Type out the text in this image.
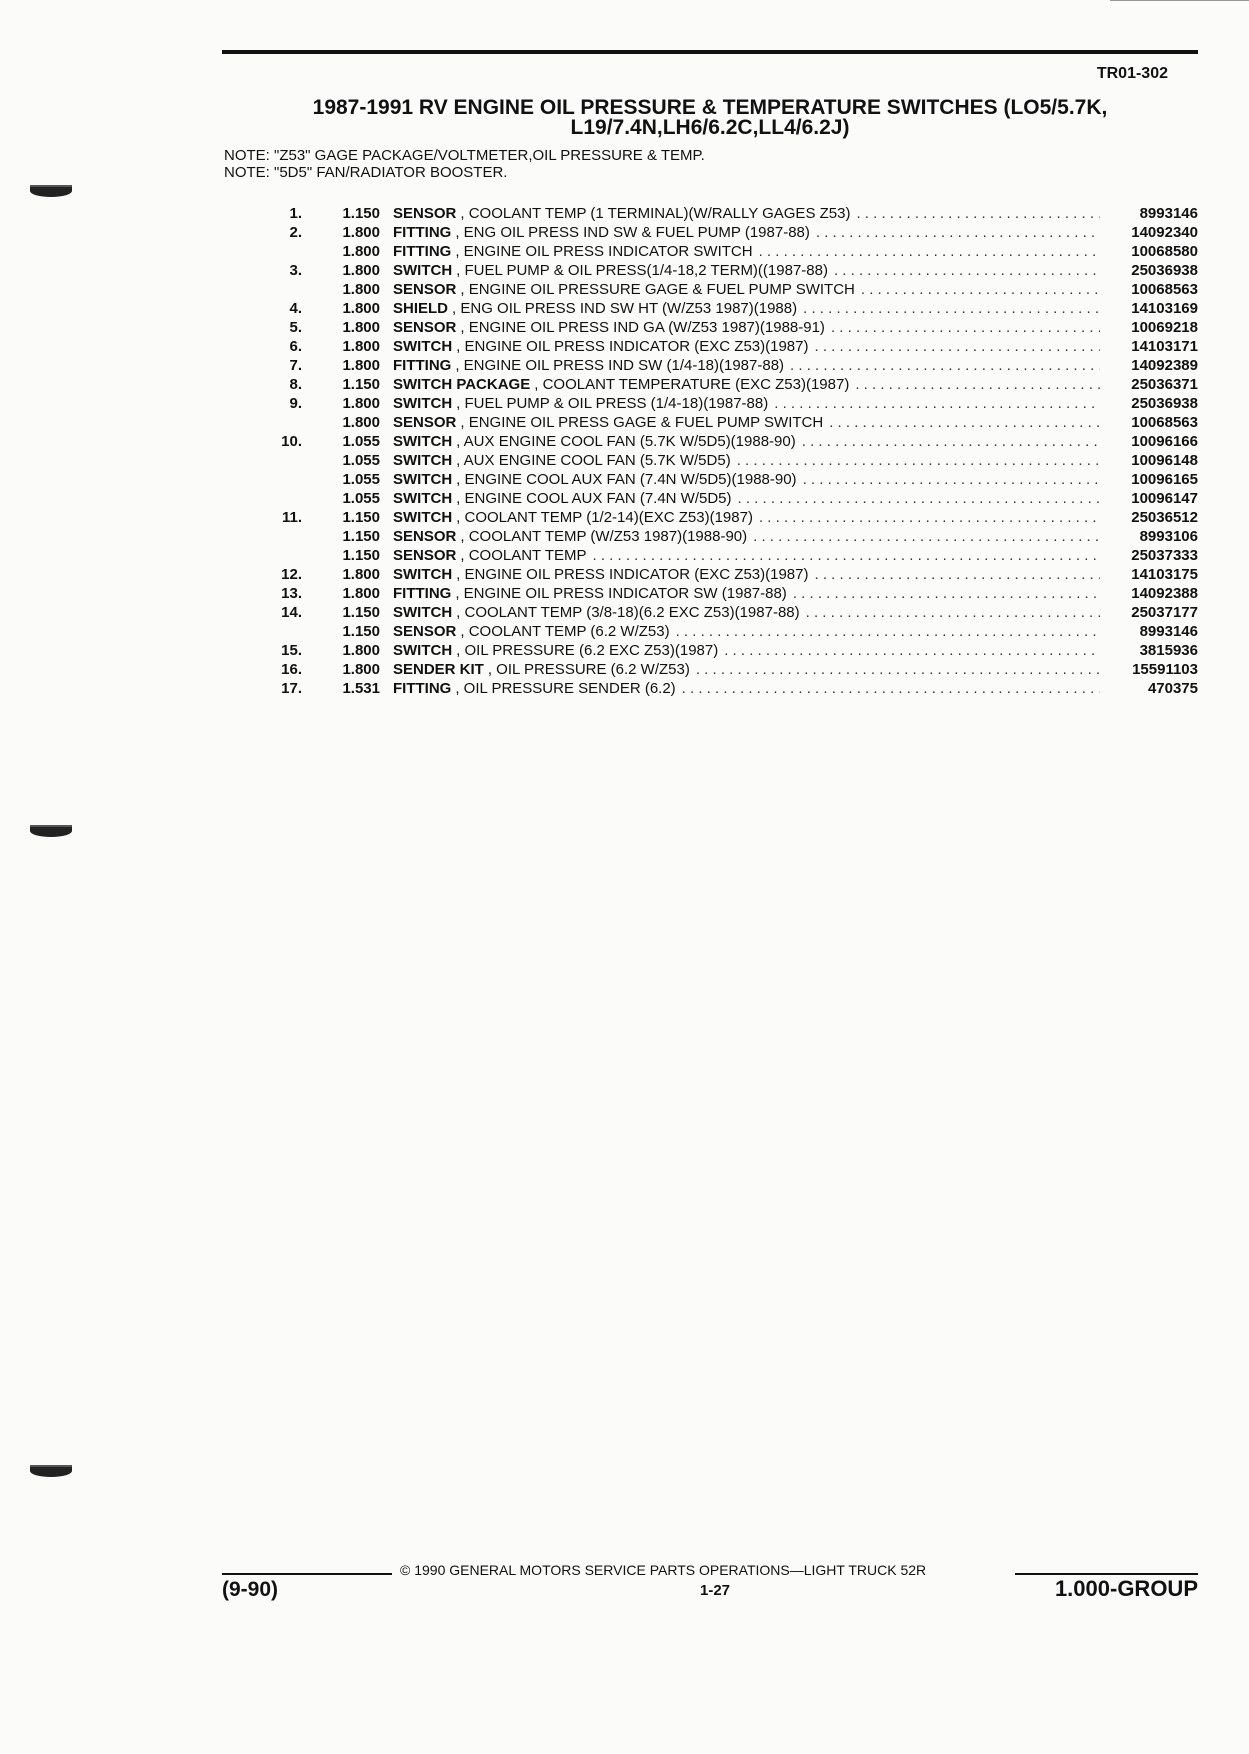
TR01-302
1987-1991 RV ENGINE OIL PRESSURE & TEMPERATURE SWITCHES (LO5/5.7K,
L19/7.4N,LH6/6.2C,LL4/6.2J)
NOTE: "Z53" GAGE PACKAGE/VOLTMETER,OIL PRESSURE & TEMP.
NOTE: "5D5" FAN/RADIATOR BOOSTER.
1.	1.150 SENSOR , COOLANT TEMP (1 TERMINAL)(W/RALLY GAGES Z53) . . .	8993146
2.	1.800 FITTING , ENG OIL PRESS IND SW & FUEL PUMP (1987-88) . . .	14092340
1.800 FITTING , ENGINE OIL PRESS INDICATOR SWITCH . . .	10068580
3.	1.800 SWITCH , FUEL PUMP & OIL PRESS(1/4-18,2 TERM)((1987-88) . . .	25036938
1.800 SENSOR , ENGINE OIL PRESSURE GAGE & FUEL PUMP SWITCH . . .	10068563
4.	1.800 SHIELD , ENG OIL PRESS IND SW HT (W/Z53 1987)(1988) . . .	14103169
5.	1.800 SENSOR , ENGINE OIL PRESS IND GA (W/Z53 1987)(1988-91) . . .	10069218
6.	1.800 SWITCH , ENGINE OIL PRESS INDICATOR (EXC Z53)(1987) . . .	14103171
7.	1.800 FITTING , ENGINE OIL PRESS IND SW (1/4-18)(1987-88) . . .	14092389
8.	1.150 SWITCH PACKAGE , COOLANT TEMPERATURE (EXC Z53)(1987) . . .	25036371
9.	1.800 SWITCH , FUEL PUMP & OIL PRESS (1/4-18)(1987-88) . . .	25036938
1.800 SENSOR , ENGINE OIL PRESS GAGE & FUEL PUMP SWITCH . . .	10068563
10.	1.055 SWITCH , AUX ENGINE COOL FAN (5.7K W/5D5)(1988-90) . . .	10096166
1.055 SWITCH , AUX ENGINE COOL FAN (5.7K W/5D5) . . .	10096148
1.055 SWITCH , ENGINE COOL AUX FAN (7.4N W/5D5)(1988-90) . . .	10096165
1.055 SWITCH , ENGINE COOL AUX FAN (7.4N W/5D5) . . .	10096147
11.	1.150 SWITCH , COOLANT TEMP (1/2-14)(EXC Z53)(1987) . . .	25036512
1.150 SENSOR , COOLANT TEMP (W/Z53 1987)(1988-90) . . .	8993106
1.150 SENSOR , COOLANT TEMP . . .	25037333
12.	1.800 SWITCH , ENGINE OIL PRESS INDICATOR (EXC Z53)(1987) . . .	14103175
13.	1.800 FITTING , ENGINE OIL PRESS INDICATOR SW (1987-88) . . .	14092388
14.	1.150 SWITCH , COOLANT TEMP (3/8-18)(6.2 EXC Z53)(1987-88) . . .	25037177
1.150 SENSOR , COOLANT TEMP (6.2 W/Z53) . . .	8993146
15.	1.800 SWITCH , OIL PRESSURE (6.2 EXC Z53)(1987) . . .	3815936
16.	1.800 SENDER KIT , OIL PRESSURE (6.2 W/Z53) . . .	15591103
17.	1.531 FITTING , OIL PRESSURE SENDER (6.2) . . .	470375
© 1990 GENERAL MOTORS SERVICE PARTS OPERATIONS—LIGHT TRUCK 52R
(9-90)	1-27	1.000-GROUP
